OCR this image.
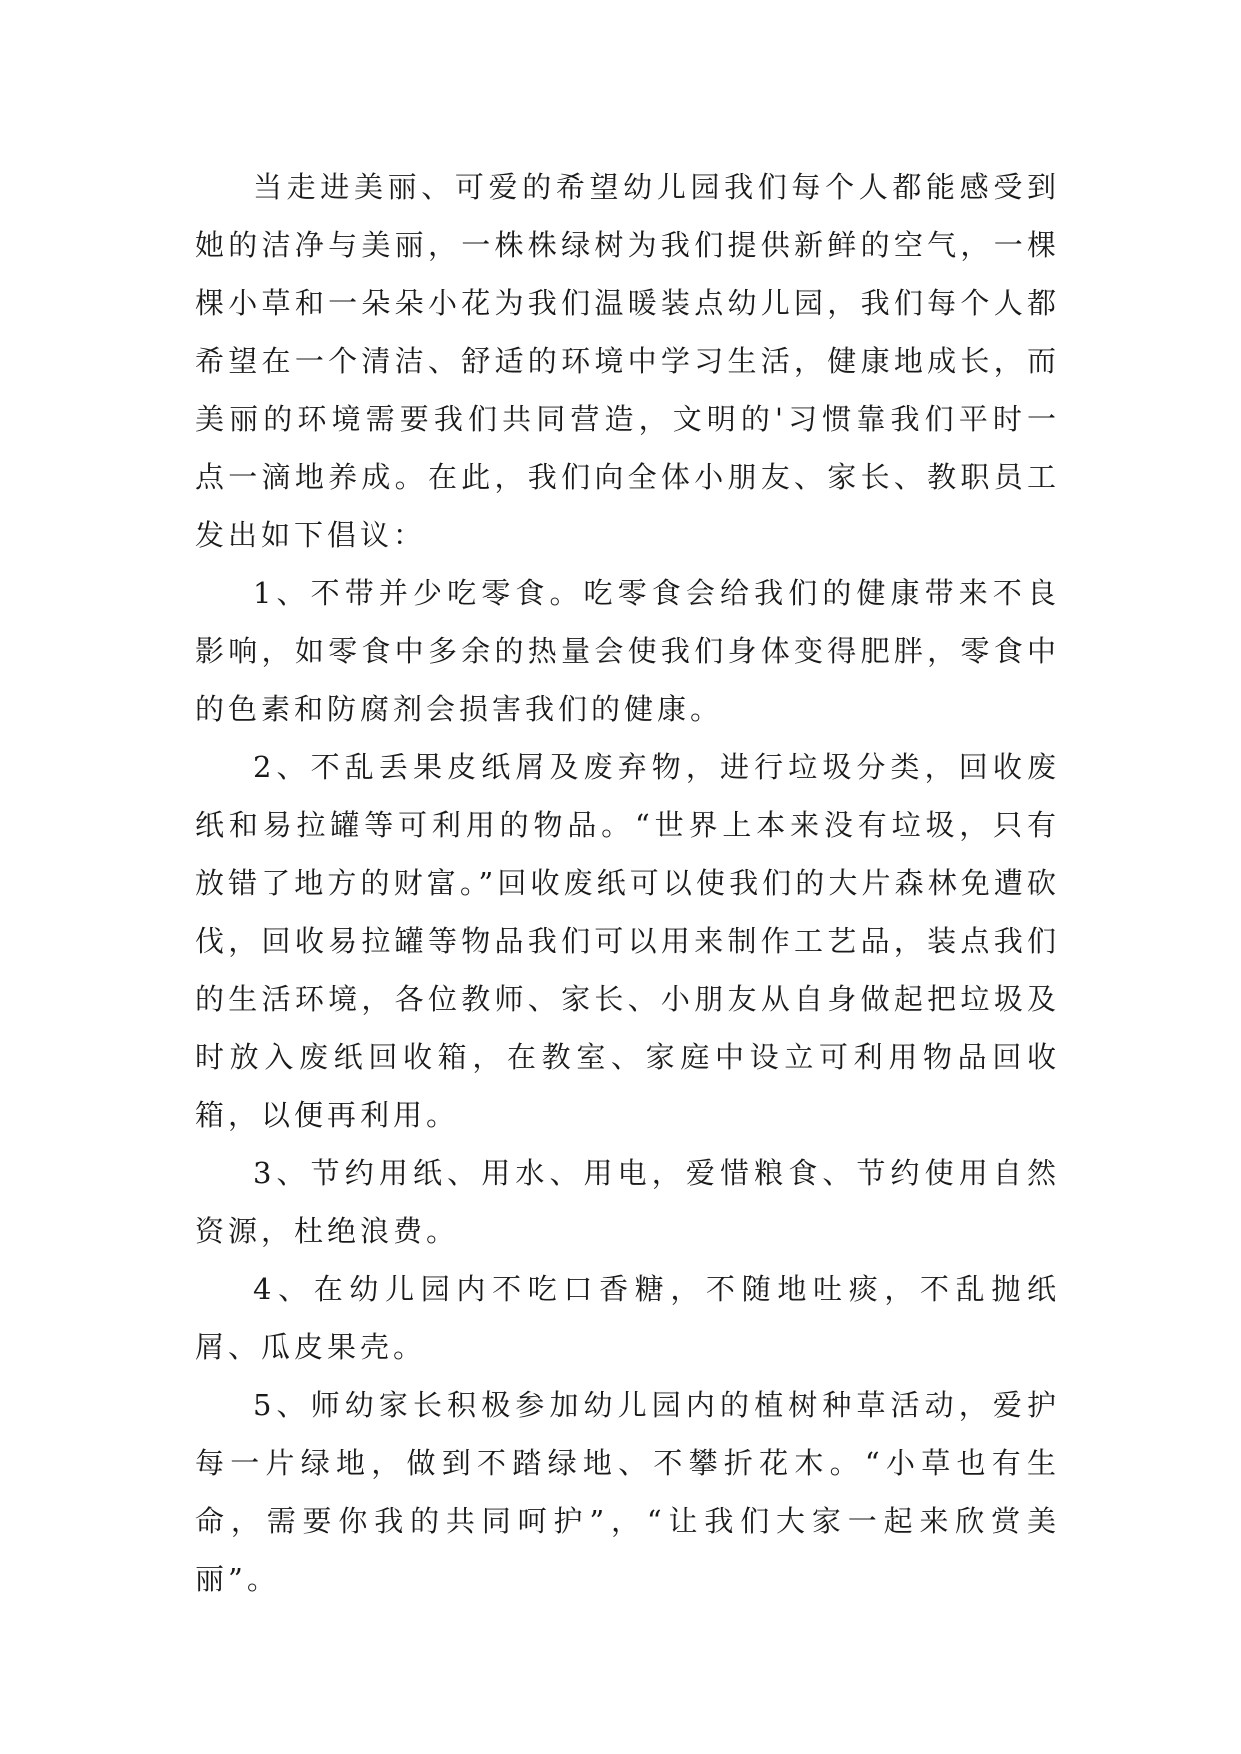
当走进美丽、可爱的希望幼儿园我们每个人都能感受到她的洁净与美丽，一株株绿树为我们提供新鲜的空气，一棵棵小草和一朵朵小花为我们温暖装点幼儿园，我们每个人都希望在一个清洁、舒适的环境中学习生活，健康地成长，而美丽的环境需要我们共同营造，文明的'习惯靠我们平时一点一滴地养成。在此，我们向全体小朋友、家长、教职员工发出如下倡议：

1、不带并少吃零食。吃零食会给我们的健康带来不良影响，如零食中多余的热量会使我们身体变得肥胖，零食中的色素和防腐剂会损害我们的健康。

2、不乱丢果皮纸屑及废弃物，进行垃圾分类，回收废纸和易拉罐等可利用的物品。“世界上本来没有垃圾，只有放错了地方的财富。”回收废纸可以使我们的大片森林免遭砍伐，回收易拉罐等物品我们可以用来制作工艺品，装点我们的生活环境，各位教师、家长、小朋友从自身做起把垃圾及时放入废纸回收箱，在教室、家庭中设立可利用物品回收箱，以便再利用。

3、节约用纸、用水、用电，爱惜粮食、节约使用自然资源，杜绝浪费。

4、在幼儿园内不吃口香糖，不随地吐痰，不乱抛纸屑、瓜皮果壳。

5、师幼家长积极参加幼儿园内的植树种草活动，爱护每一片绿地，做到不踏绿地、不攀折花木。“小草也有生命，需要你我的共同呵护”，“让我们大家一起来欣赏美丽”。
